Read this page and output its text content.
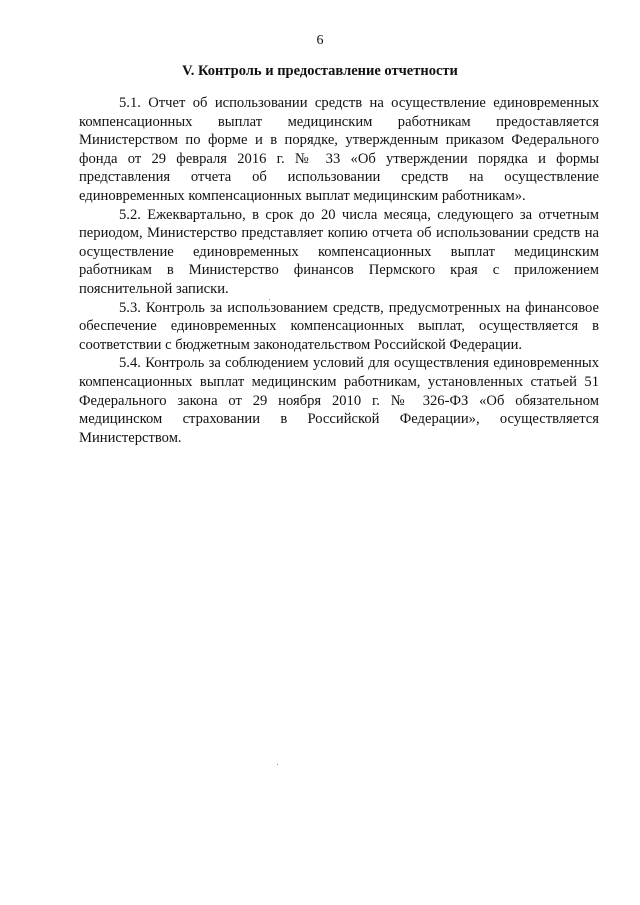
6
V. Контроль и предоставление отчетности

5.1. Отчет об использовании средств на осуществление единовременных компенсационных выплат медицинским работникам предоставляется Министерством по форме и в порядке, утвержденным приказом Федерального фонда от 29 февраля 2016 г. № 33 «Об утверждении порядка и формы представления отчета об использовании средств на осуществление единовременных компенсационных выплат медицинским работникам».

5.2. Ежеквартально, в срок до 20 числа месяца, следующего за отчетным периодом, Министерство представляет копию отчета об использовании средств на осуществление единовременных компенсационных выплат медицинским работникам в Министерство финансов Пермского края с приложением пояснительной записки.

5.3. Контроль за использованием средств, предусмотренных на финансовое обеспечение единовременных компенсационных выплат, осуществляется в соответствии с бюджетным законодательством Российской Федерации.

5.4. Контроль за соблюдением условий для осуществления единовременных компенсационных выплат медицинским работникам, установленных статьей 51 Федерального закона от 29 ноября 2010 г. № 326-ФЗ «Об обязательном медицинском страховании в Российской Федерации», осуществляется Министерством.
